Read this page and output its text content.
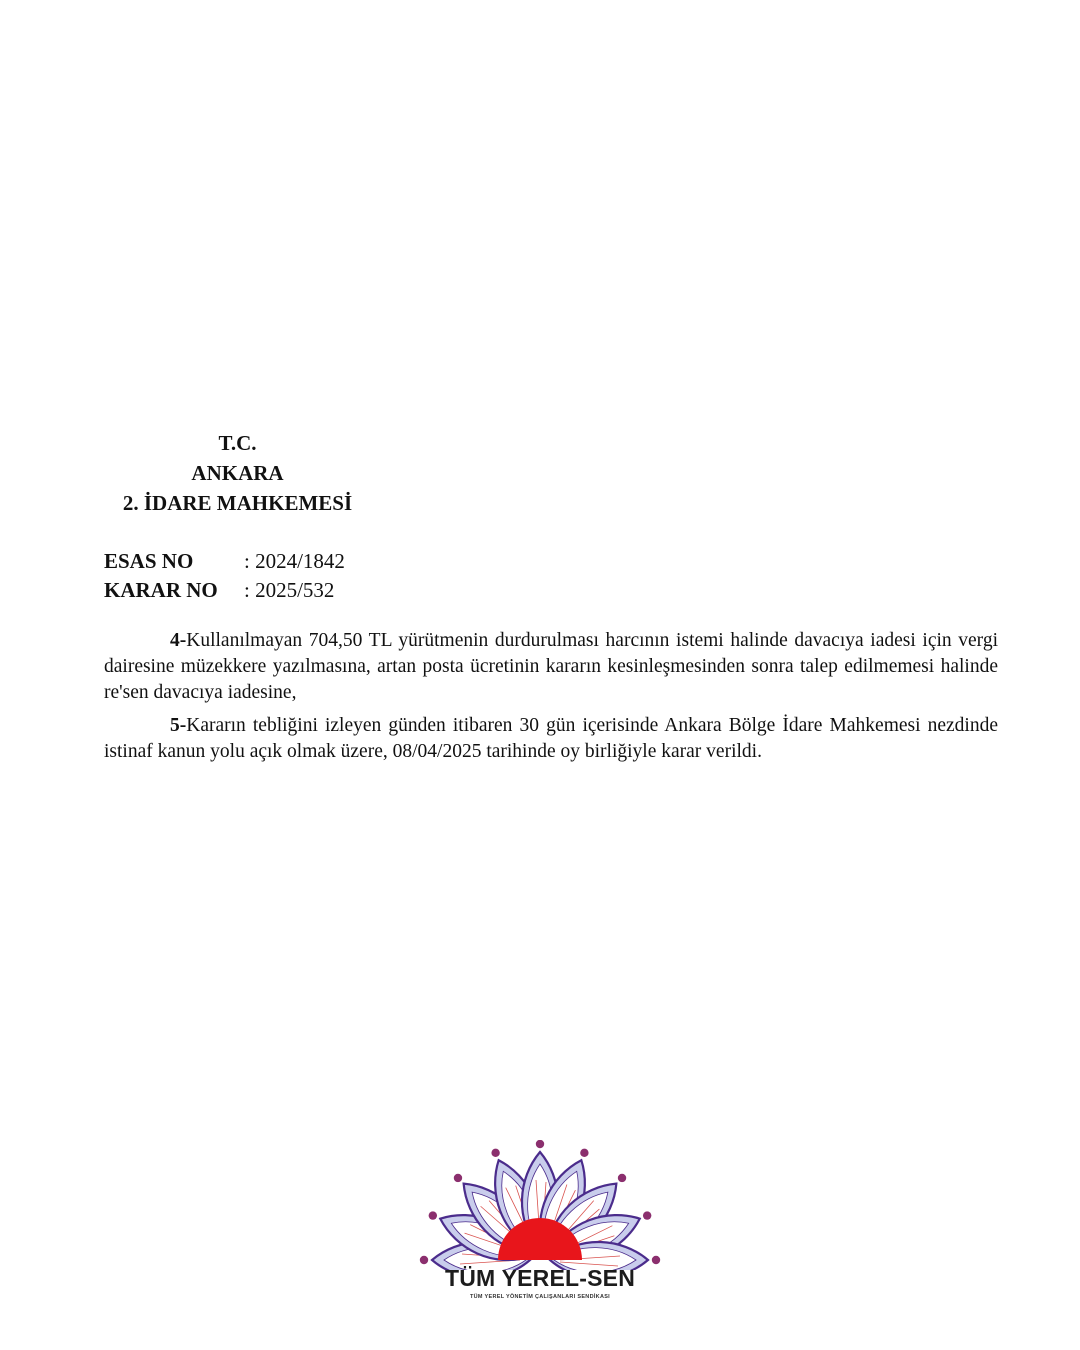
T.C.
ANKARA
2. İDARE MAHKEMESİ
ESAS NO	: 2024/1842
KARAR NO	: 2025/532

4-Kullanılmayan 704,50 TL yürütmenin durdurulması harcının istemi halinde davacıya iadesi için vergi dairesine müzekkere yazılmasına, artan posta ücretinin kararın kesinleşmesinden sonra talep edilmemesi halinde re'sen davacıya iadesine,

5-Kararın tebliğini izleyen günden itibaren 30 gün içerisinde Ankara Bölge İdare Mahkemesi nezdinde istinaf kanun yolu açık olmak üzere, 08/04/2025 tarihinde oy birliğiyle karar verildi.

TÜM YEREL-SEN
TÜM YEREL YÖNETİM ÇALIŞANLARI SENDİKASI
